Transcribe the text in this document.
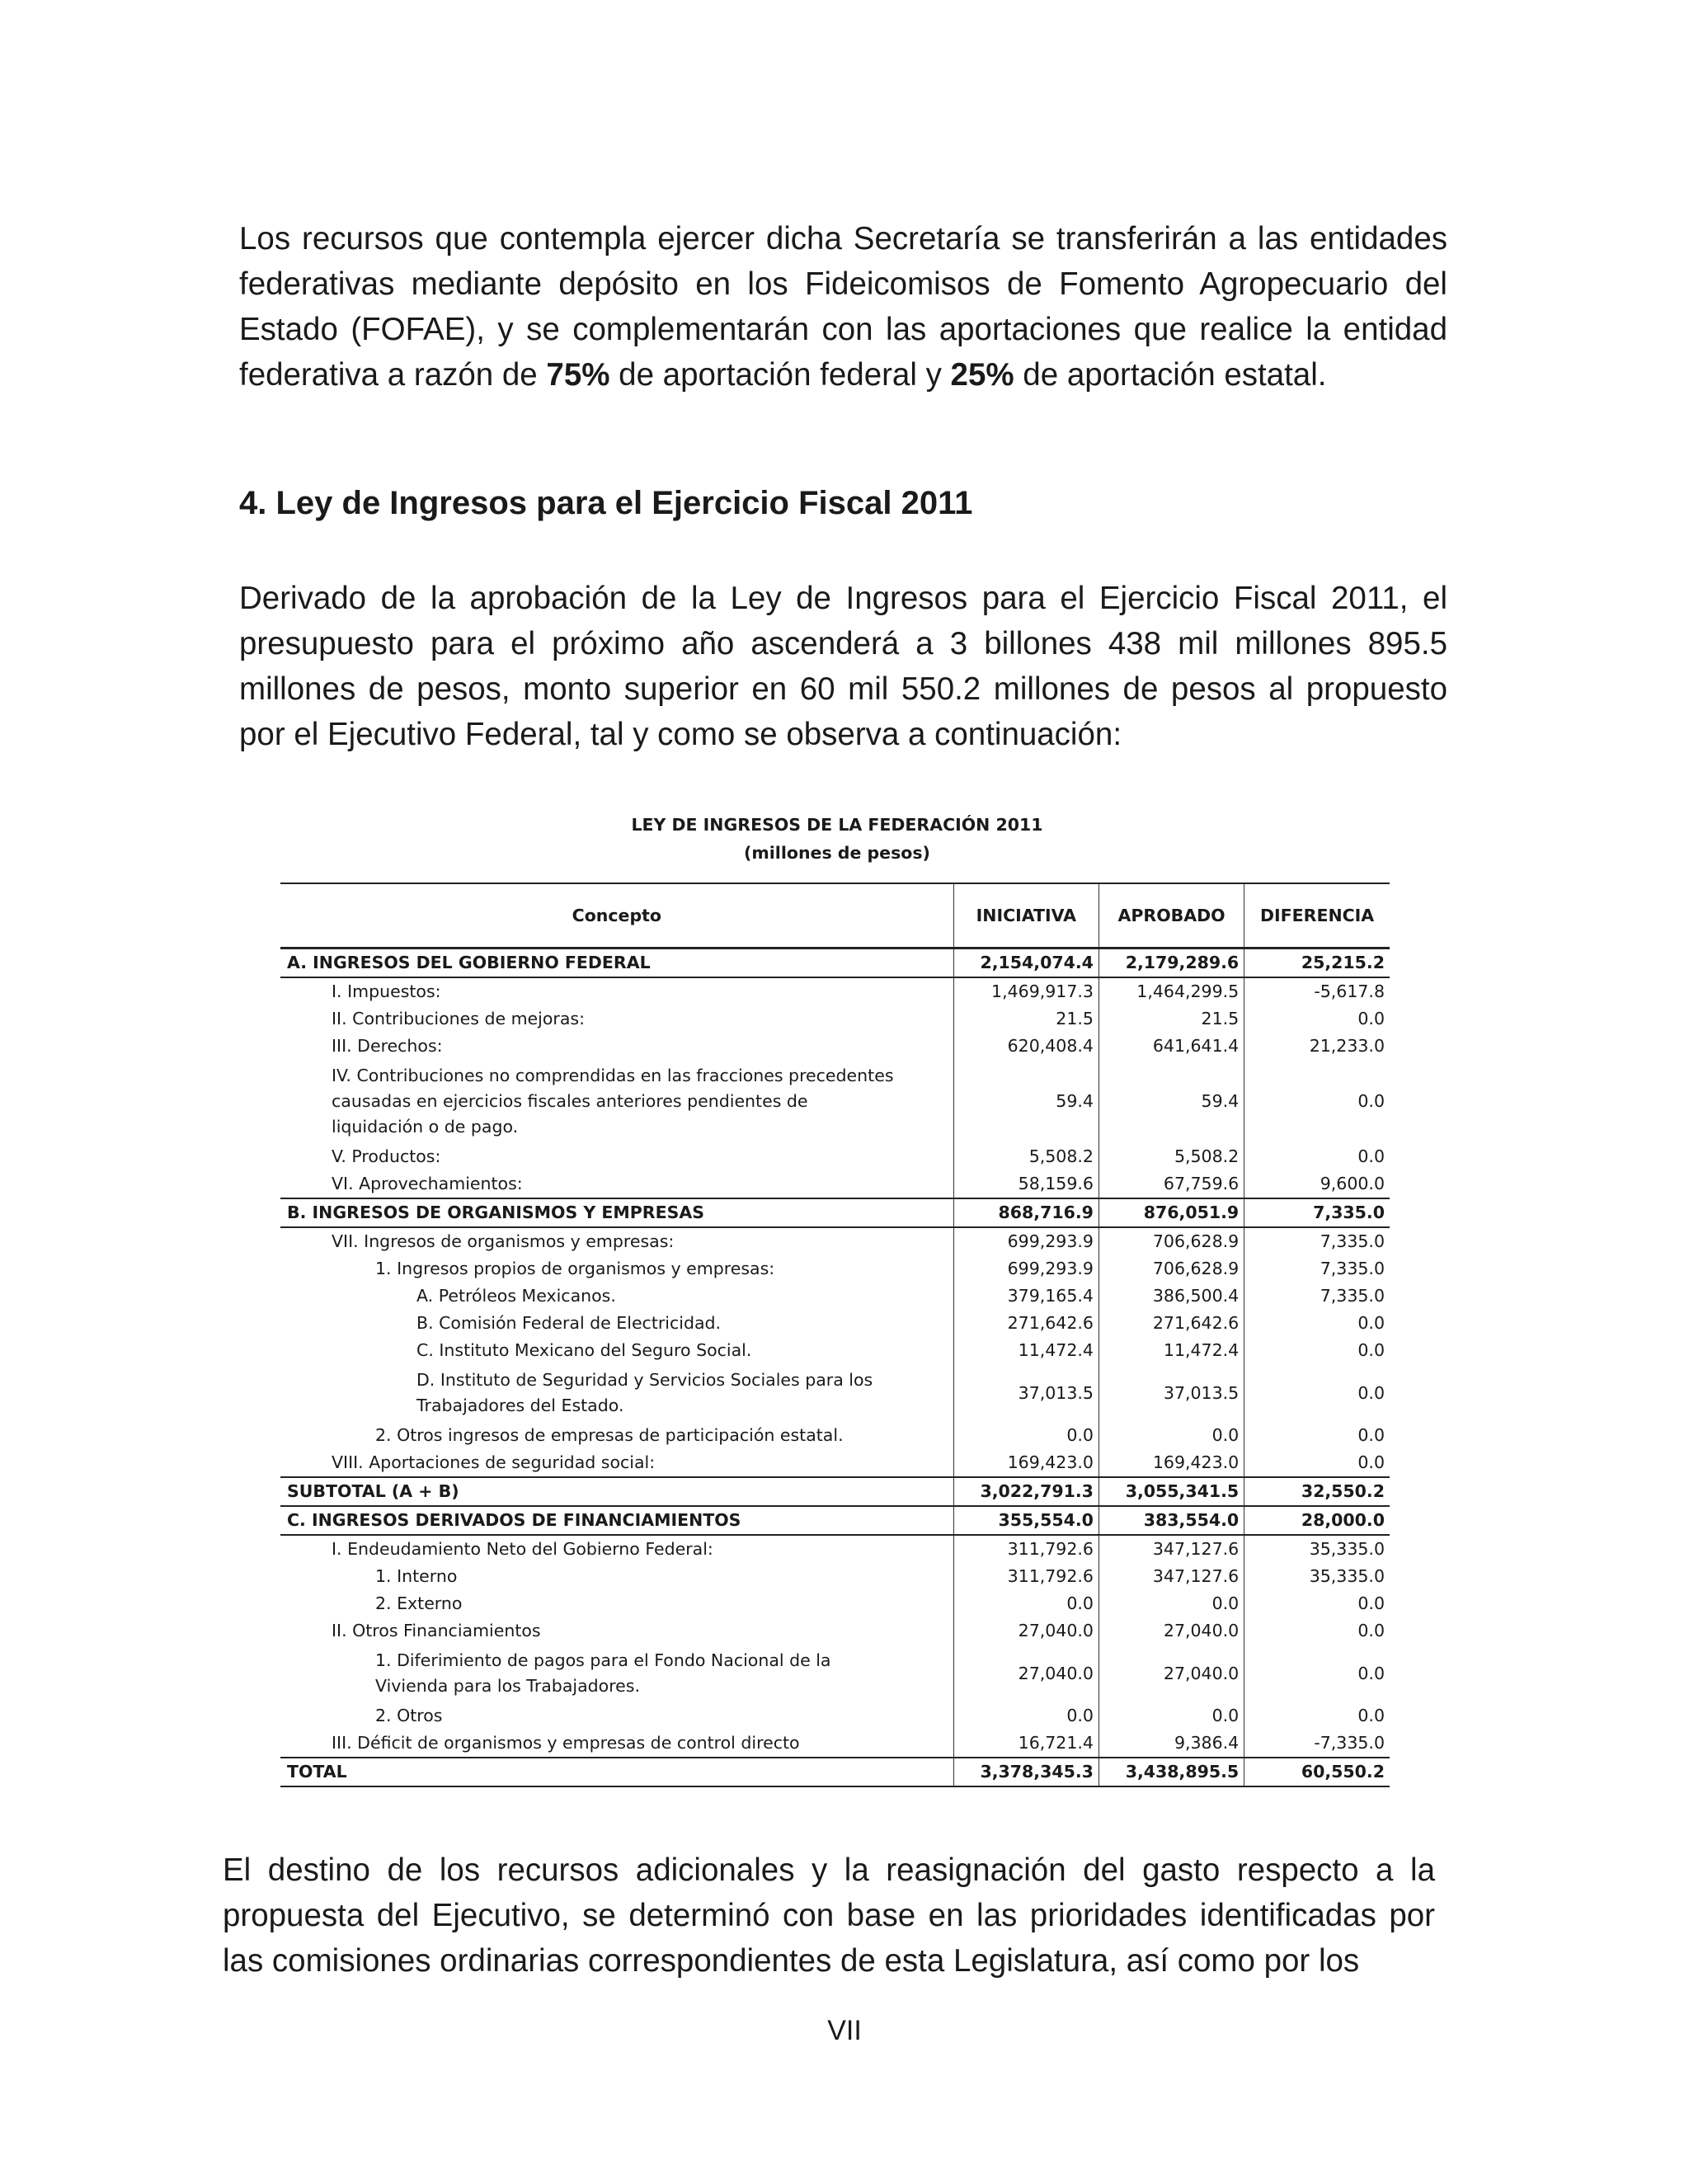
Los recursos que contempla ejercer dicha Secretaría se transferirán a las entidades federativas mediante depósito en los Fideicomisos de Fomento Agropecuario del Estado (FOFAE), y se complementarán con las aportaciones que realice la entidad federativa a razón de 75% de aportación federal y 25% de aportación estatal.

4. Ley de Ingresos para el Ejercicio Fiscal 2011

Derivado de la aprobación de la Ley de Ingresos para el Ejercicio Fiscal 2011, el presupuesto para el próximo año ascenderá a 3 billones 438 mil millones 895.5 millones de pesos, monto superior en 60 mil 550.2 millones de pesos al propuesto por el Ejecutivo Federal, tal y como se observa a continuación:

LEY DE INGRESOS DE LA FEDERACIÓN 2011
(millones de pesos)
Concepto	INICIATIVA	APROBADO	DIFERENCIA
A. INGRESOS DEL GOBIERNO FEDERAL	2,154,074.4	2,179,289.6	25,215.2
I. Impuestos:	1,469,917.3	1,464,299.5	-5,617.8
II. Contribuciones de mejoras:	21.5	21.5	0.0
III. Derechos:	620,408.4	641,641.4	21,233.0
IV. Contribuciones no comprendidas en las fracciones precedentes causadas en ejercicios fiscales anteriores pendientes de liquidación o de pago.	59.4	59.4	0.0
V. Productos:	5,508.2	5,508.2	0.0
VI. Aprovechamientos:	58,159.6	67,759.6	9,600.0
B. INGRESOS DE ORGANISMOS Y EMPRESAS	868,716.9	876,051.9	7,335.0
VII. Ingresos de organismos y empresas:	699,293.9	706,628.9	7,335.0
1. Ingresos propios de organismos y empresas:	699,293.9	706,628.9	7,335.0
A. Petróleos Mexicanos.	379,165.4	386,500.4	7,335.0
B. Comisión Federal de Electricidad.	271,642.6	271,642.6	0.0
C. Instituto Mexicano del Seguro Social.	11,472.4	11,472.4	0.0
D. Instituto de Seguridad y Servicios Sociales para los Trabajadores del Estado.	37,013.5	37,013.5	0.0
2. Otros ingresos de empresas de participación estatal.	0.0	0.0	0.0
VIII. Aportaciones de seguridad social:	169,423.0	169,423.0	0.0
SUBTOTAL (A + B)	3,022,791.3	3,055,341.5	32,550.2
C. INGRESOS DERIVADOS DE FINANCIAMIENTOS	355,554.0	383,554.0	28,000.0
I. Endeudamiento Neto del Gobierno Federal:	311,792.6	347,127.6	35,335.0
1. Interno	311,792.6	347,127.6	35,335.0
2. Externo	0.0	0.0	0.0
II. Otros Financiamientos	27,040.0	27,040.0	0.0
1. Diferimiento de pagos para el Fondo Nacional de la Vivienda para los Trabajadores.	27,040.0	27,040.0	0.0
2. Otros	0.0	0.0	0.0
III. Déficit de organismos y empresas de control directo	16,721.4	9,386.4	-7,335.0
TOTAL	3,378,345.3	3,438,895.5	60,550.2

El destino de los recursos adicionales y la reasignación del gasto respecto a la propuesta del Ejecutivo, se determinó con base en las prioridades identificadas por las comisiones ordinarias correspondientes de esta Legislatura, así como por los

VII
